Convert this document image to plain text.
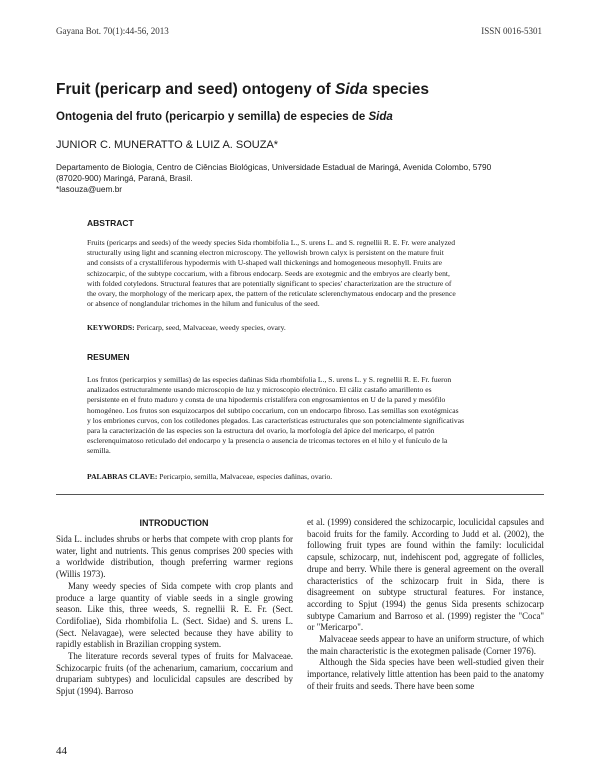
Gayana Bot. 70(1):44-56, 2013	ISSN 0016-5301
Fruit (pericarp and seed) ontogeny of Sida species
Ontogenia del fruto (pericarpio y semilla) de especies de Sida
JUNIOR C. MUNERATTO & LUIZ A. SOUZA*
Departamento de Biologia, Centro de Ciências Biológicas, Universidade Estadual de Maringá, Avenida Colombo, 5790
(87020-900) Maringá, Paraná, Brasil.
*lasouza@uem.br
ABSTRACT
Fruits (pericarps and seeds) of the weedy species Sida rhombifolia L., S. urens L. and S. regnellii R. E. Fr. were analyzed
structurally using light and scanning electron microscopy. The yellowish brown calyx is persistent on the mature fruit
and consists of a crystalliferous hypodermis with U-shaped wall thickenings and homogeneous mesophyll. Fruits are
schizocarpic, of the subtype coccarium, with a fibrous endocarp. Seeds are exotegmic and the embryos are clearly bent,
with folded cotyledons. Structural features that are potentially significant to species' characterization are the structure of
the ovary, the morphology of the mericarp apex, the pattern of the reticulate sclerenchymatous endocarp and the presence
or absence of nonglandular trichomes in the hilum and funiculus of the seed.
KEYWORDS: Pericarp, seed, Malvaceae, weedy species, ovary.
RESUMEN
Los frutos (pericarpios y semillas) de las especies dañinas Sida rhombifolia L., S. urens L. y S. regnellii R. E. Fr. fueron
analizados estructuralmente usando microscopio de luz y microscopio electrónico. El cáliz castaño amarillento es
persistente en el fruto maduro y consta de una hipodermis cristalífera con engrosamientos en U de la pared y mesófilo
homogéneo. Los frutos son esquizocarpos del subtipo coccarium, con un endocarpo fibroso. Las semillas son exotégmicas
y los embriones curvos, con los cotiledones plegados. Las características estructurales que son potencialmente significativas
para la caracterización de las especies son la estructura del ovario, la morfología del ápice del mericarpo, el patrón
esclerenquimatoso reticulado del endocarpo y la presencia o ausencia de tricomas tectores en el hilo y el funículo de la
semilla.
PALABRAS CLAVE: Pericarpio, semilla, Malvaceae, especies dañinas, ovario.
INTRODUCTION

Sida L. includes shrubs or herbs that compete with crop plants for water, light and nutrients. This genus comprises 200 species with a worldwide distribution, though preferring warmer regions (Willis 1973).

Many weedy species of Sida compete with crop plants and produce a large quantity of viable seeds in a single growing season. Like this, three weeds, S. regnellii R. E. Fr. (Sect. Cordifoliae), Sida rhombifolia L. (Sect. Sidae) and S. urens L. (Sect. Nelavagae), were selected because they have ability to rapidly establish in Brazilian cropping system.

The literature records several types of fruits for Malvaceae. Schizocarpic fruits (of the achenarium, camarium, coccarium and drupariam subtypes) and loculicidal capsules are described by Spjut (1994). Barroso

et al. (1999) considered the schizocarpic, loculicidal capsules and bacoid fruits for the family. According to Judd et al. (2002), the following fruit types are found within the family: loculicidal capsule, schizocarp, nut, indehiscent pod, aggregate of follicles, drupe and berry. While there is general agreement on the overall characteristics of the schizocarp fruit in Sida, there is disagreement on subtype structural features. For instance, according to Spjut (1994) the genus Sida presents schizocarp subtype Camarium and Barroso et al. (1999) register the "Coca" or "Mericarpo".

Malvaceae seeds appear to have an uniform structure, of which the main characteristic is the exotegmen palisade (Corner 1976).

Although the Sida species have been well-studied given their importance, relatively little attention has been paid to the anatomy of their fruits and seeds. There have been some

44
